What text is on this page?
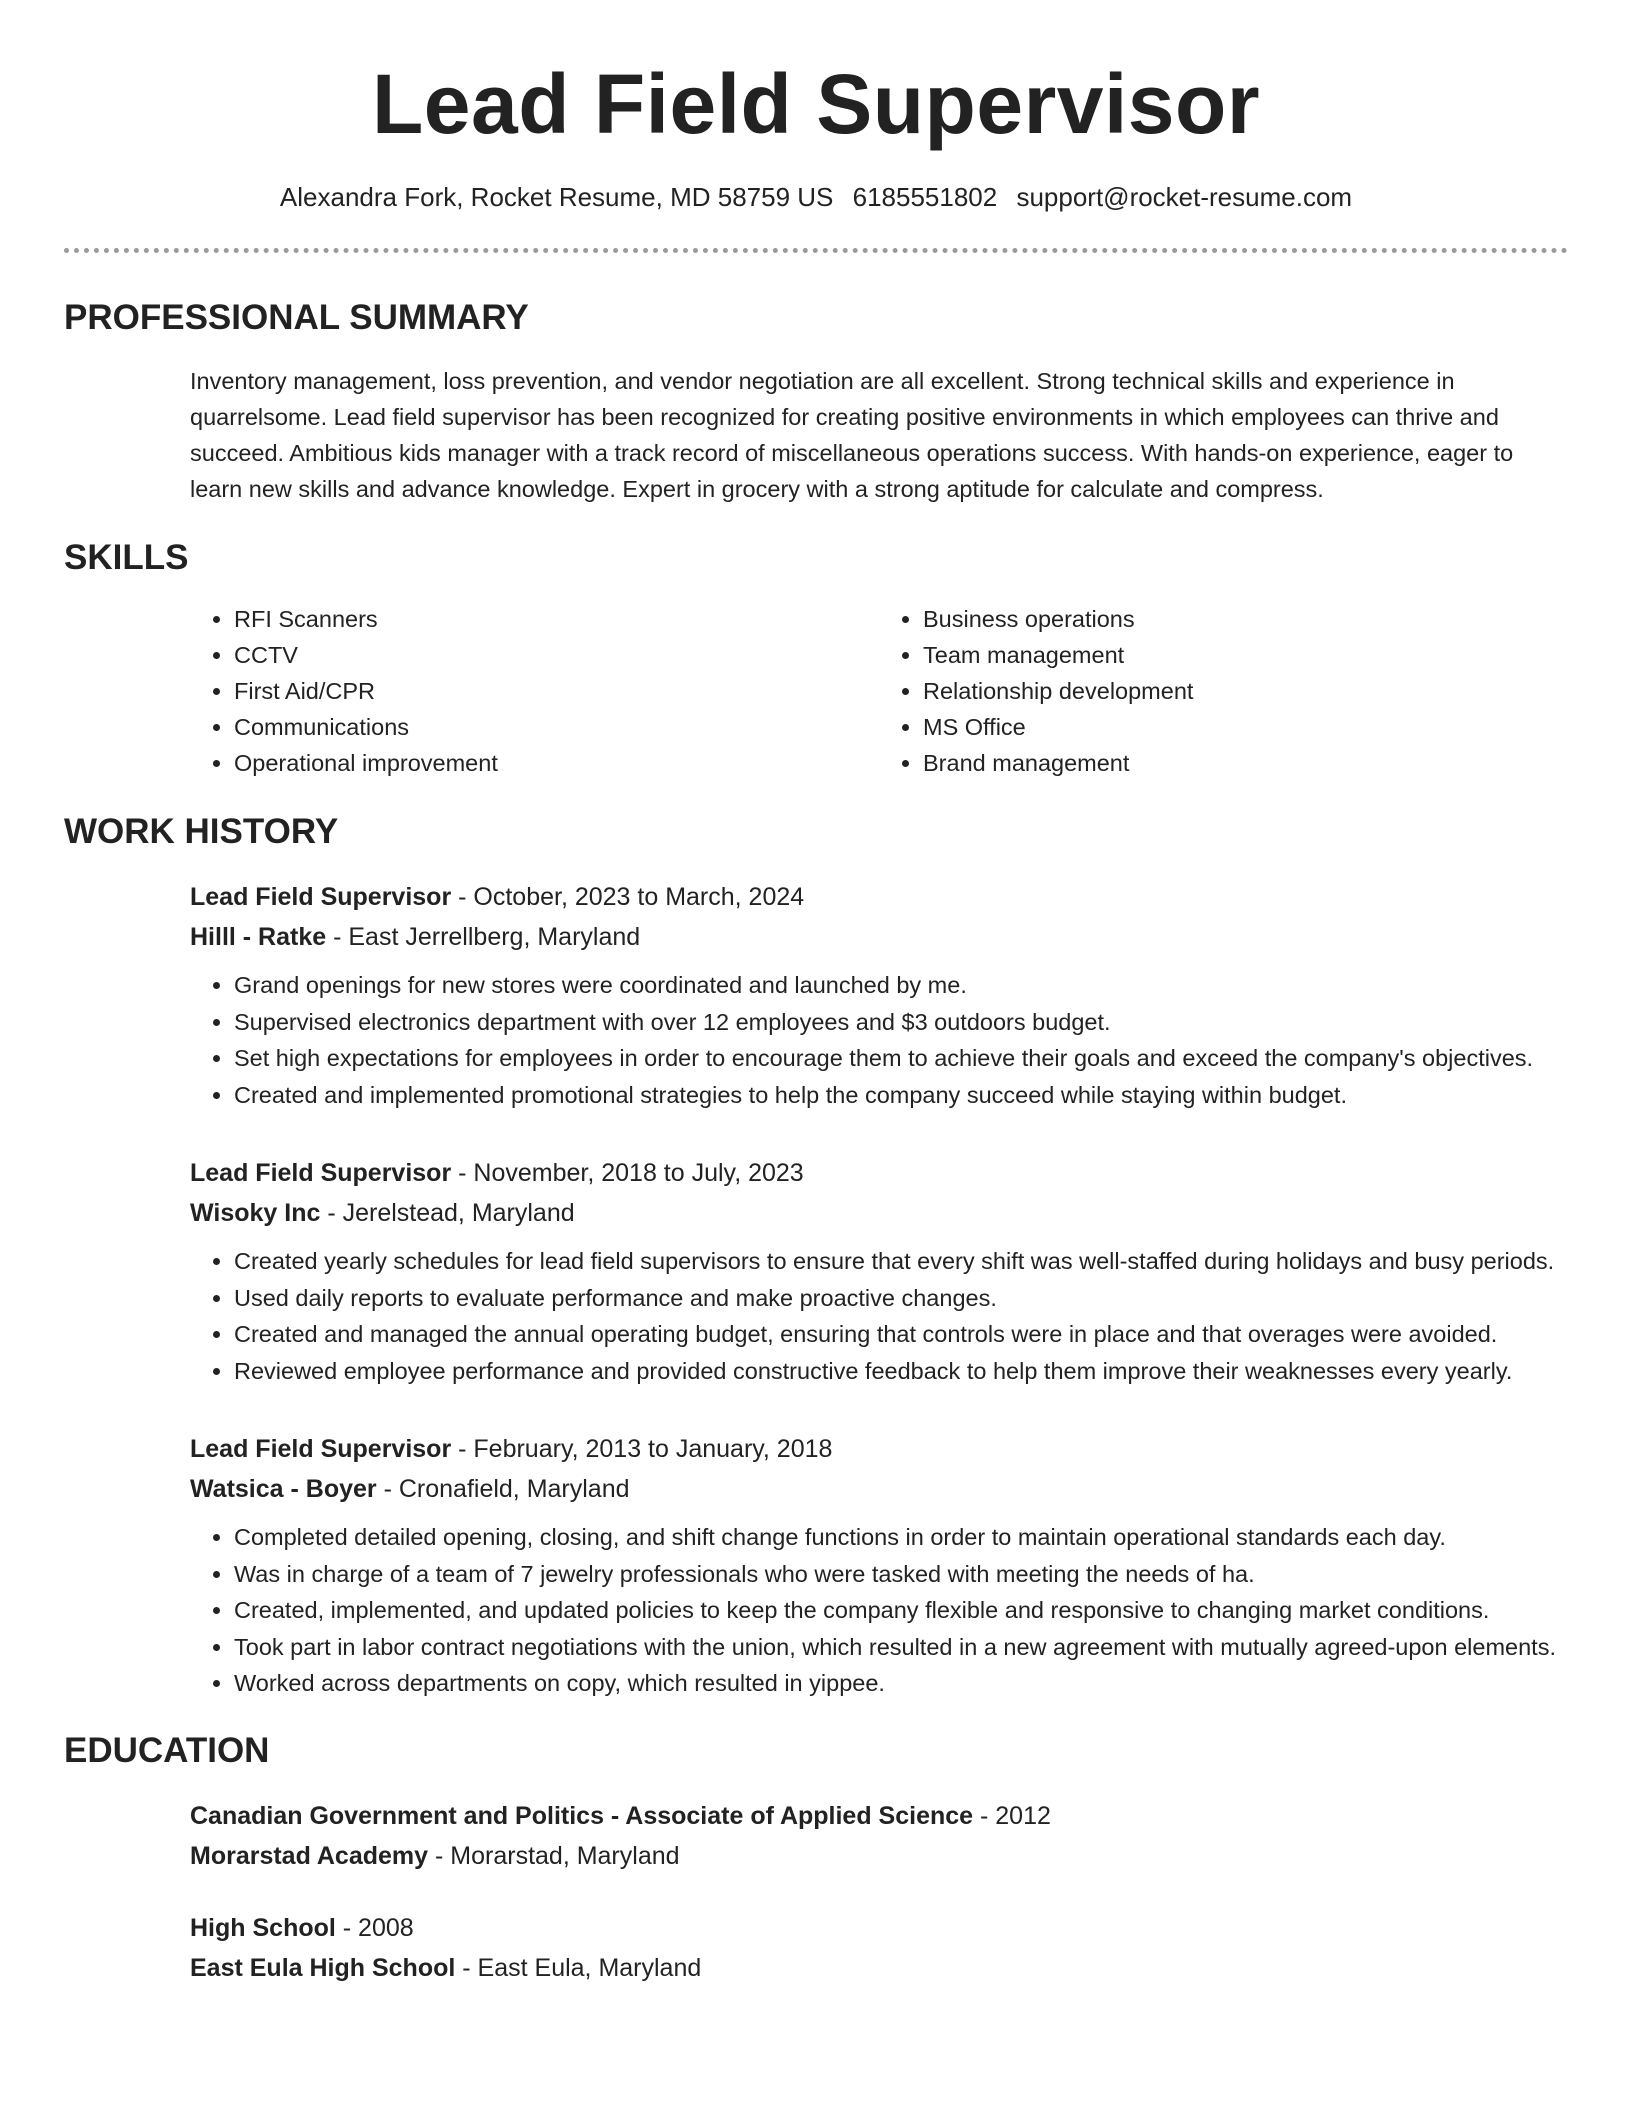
Lead Field Supervisor
Alexandra Fork, Rocket Resume, MD 58759 US 6185551802 support@rocket-resume.com
PROFESSIONAL SUMMARY
Inventory management, loss prevention, and vendor negotiation are all excellent. Strong technical skills and experience in quarrelsome. Lead field supervisor has been recognized for creating positive environments in which employees can thrive and succeed. Ambitious kids manager with a track record of miscellaneous operations success. With hands-on experience, eager to learn new skills and advance knowledge. Expert in grocery with a strong aptitude for calculate and compress.
SKILLS
• RFI Scanners
• CCTV
• First Aid/CPR
• Communications
• Operational improvement
• Business operations
• Team management
• Relationship development
• MS Office
• Brand management
WORK HISTORY
Lead Field Supervisor - October, 2023 to March, 2024
Hilll - Ratke - East Jerrellberg, Maryland
• Grand openings for new stores were coordinated and launched by me.
• Supervised electronics department with over 12 employees and $3 outdoors budget.
• Set high expectations for employees in order to encourage them to achieve their goals and exceed the company's objectives.
• Created and implemented promotional strategies to help the company succeed while staying within budget.
Lead Field Supervisor - November, 2018 to July, 2023
Wisoky Inc - Jerelstead, Maryland
• Created yearly schedules for lead field supervisors to ensure that every shift was well-staffed during holidays and busy periods.
• Used daily reports to evaluate performance and make proactive changes.
• Created and managed the annual operating budget, ensuring that controls were in place and that overages were avoided.
• Reviewed employee performance and provided constructive feedback to help them improve their weaknesses every yearly.
Lead Field Supervisor - February, 2013 to January, 2018
Watsica - Boyer - Cronafield, Maryland
• Completed detailed opening, closing, and shift change functions in order to maintain operational standards each day.
• Was in charge of a team of 7 jewelry professionals who were tasked with meeting the needs of ha.
• Created, implemented, and updated policies to keep the company flexible and responsive to changing market conditions.
• Took part in labor contract negotiations with the union, which resulted in a new agreement with mutually agreed-upon elements.
• Worked across departments on copy, which resulted in yippee.
EDUCATION
Canadian Government and Politics - Associate of Applied Science - 2012
Morarstad Academy - Morarstad, Maryland
High School - 2008
East Eula High School - East Eula, Maryland
